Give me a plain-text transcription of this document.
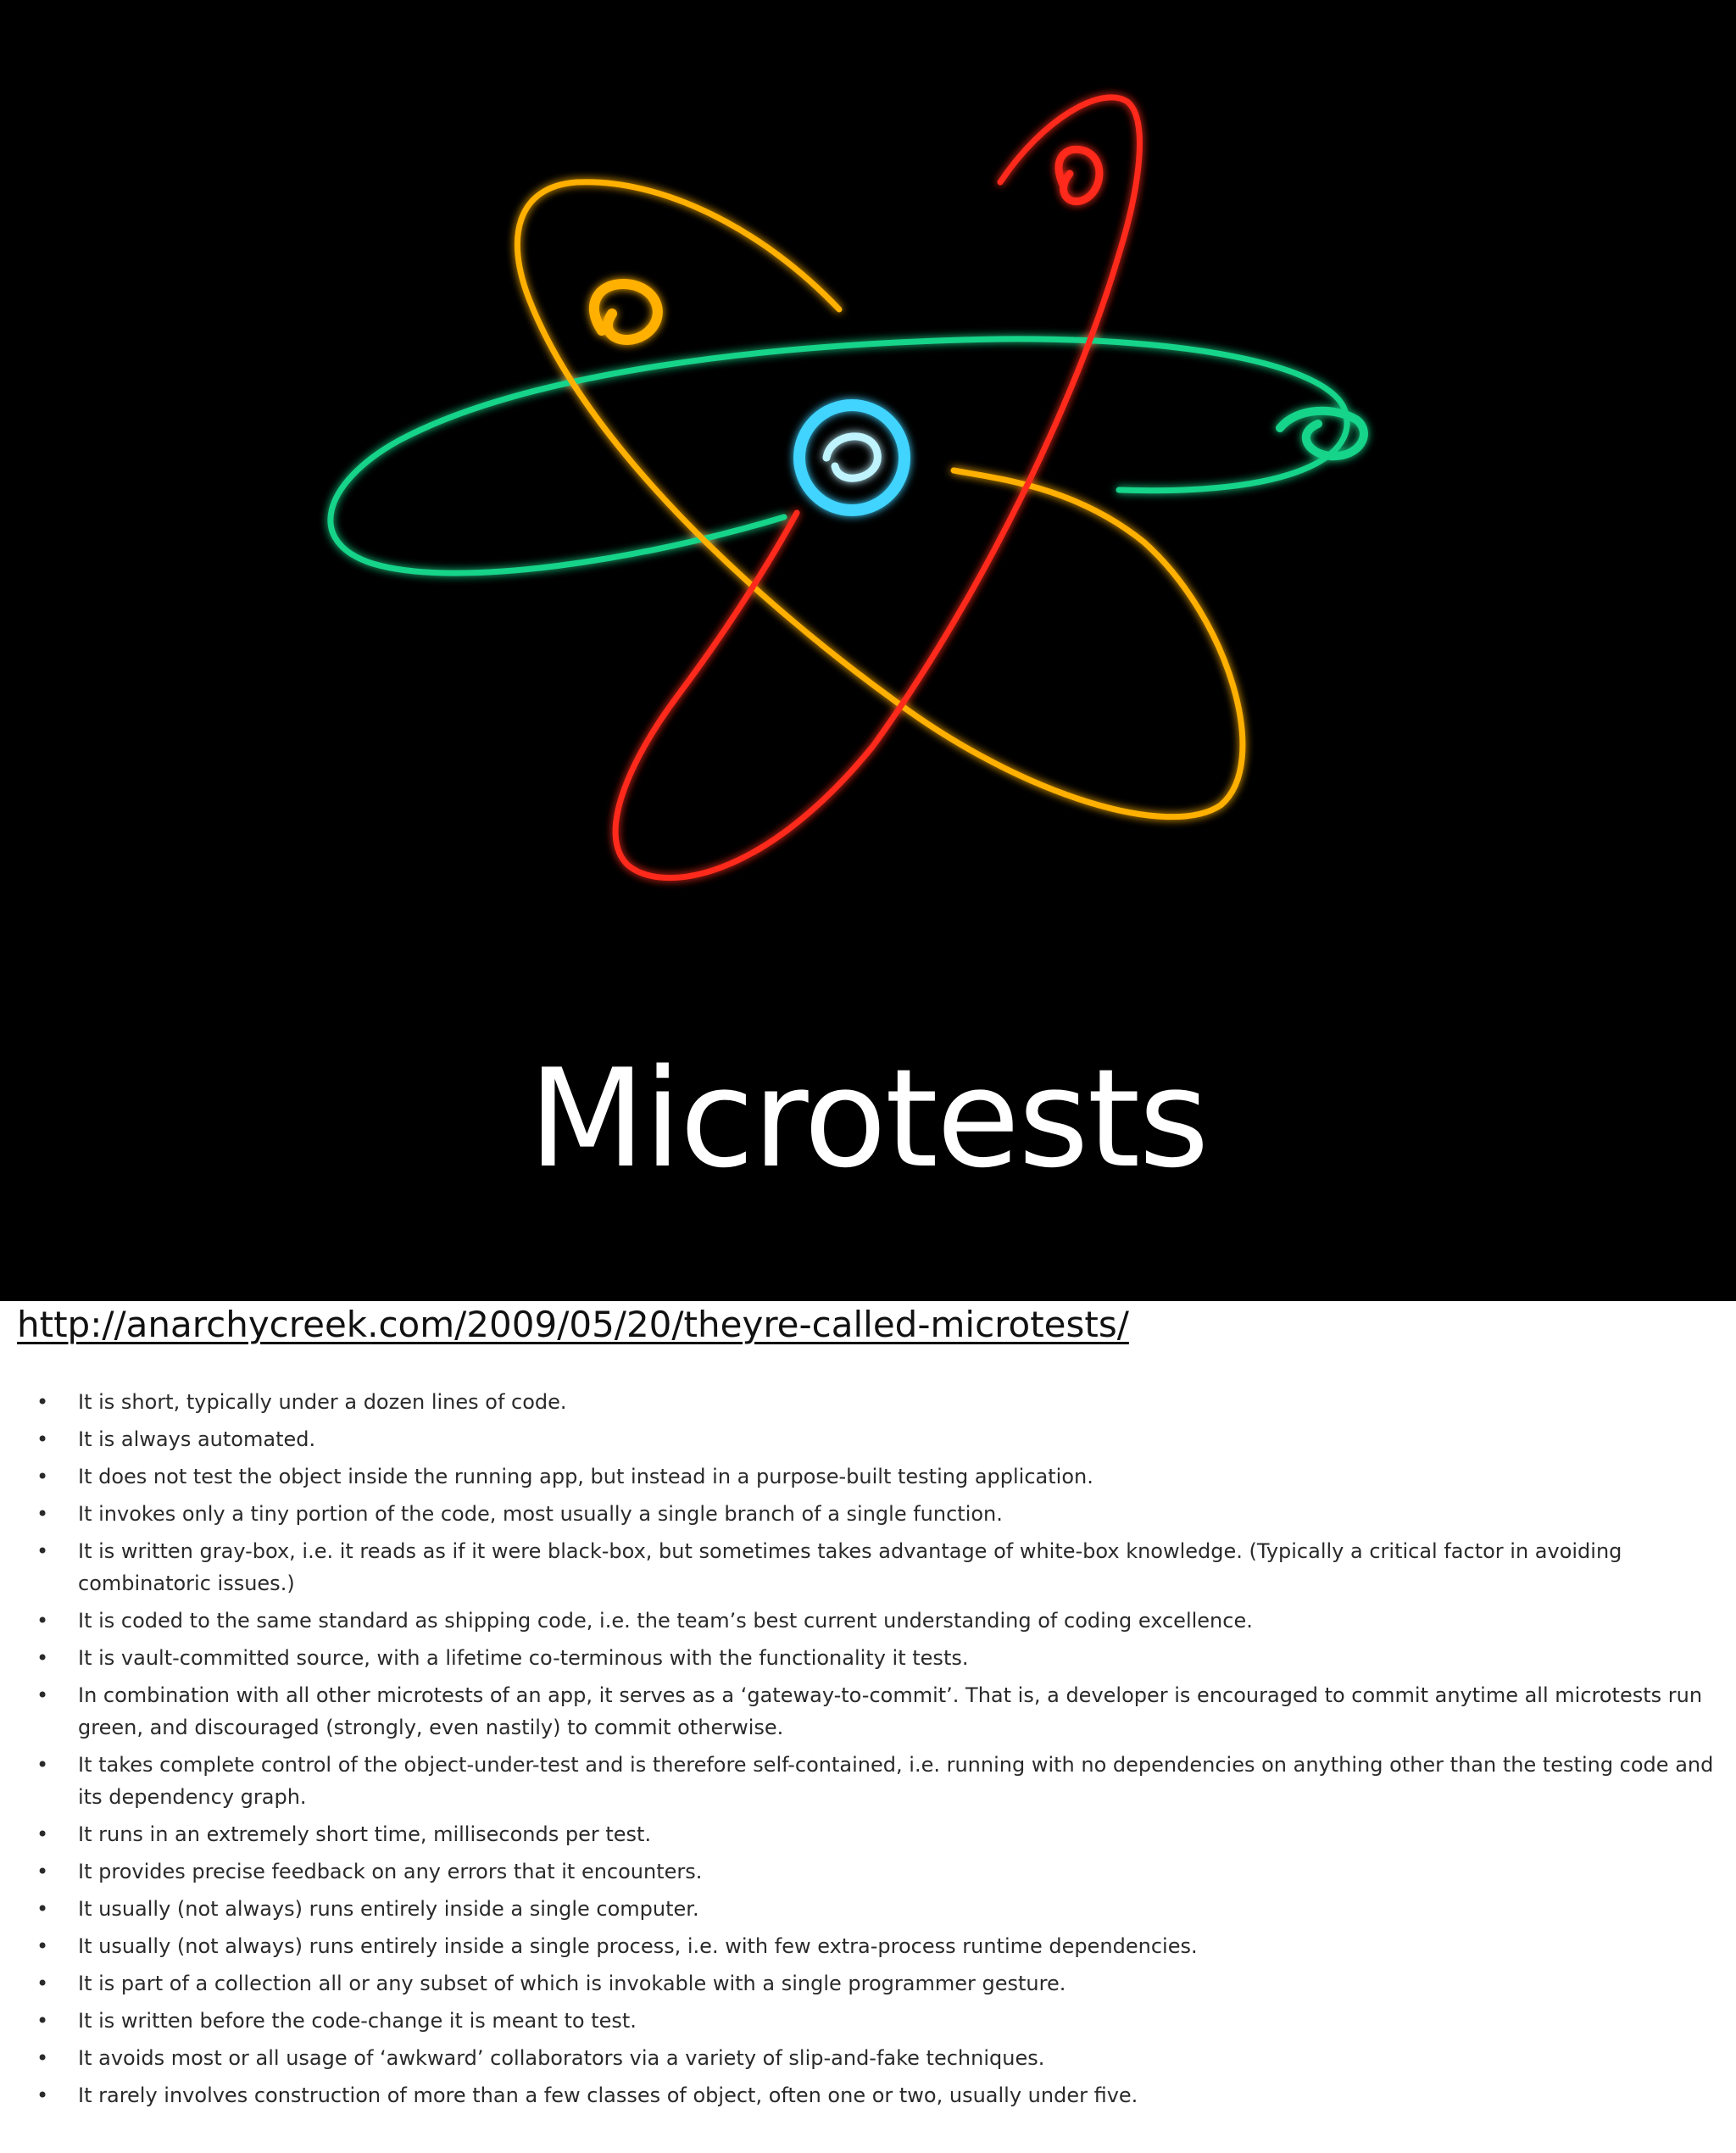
Microtests
http://anarchycreek.com/2009/05/20/theyre-called-microtests/
• It is short, typically under a dozen lines of code.
• It is always automated.
• It does not test the object inside the running app, but instead in a purpose-built testing application.
• It invokes only a tiny portion of the code, most usually a single branch of a single function.
• It is written gray-box, i.e. it reads as if it were black-box, but sometimes takes advantage of white-box knowledge. (Typically a critical factor in avoiding combinatoric issues.)
• It is coded to the same standard as shipping code, i.e. the team’s best current understanding of coding excellence.
• It is vault-committed source, with a lifetime co-terminous with the functionality it tests.
• In combination with all other microtests of an app, it serves as a ‘gateway-to-commit’. That is, a developer is encouraged to commit anytime all microtests run green, and discouraged (strongly, even nastily) to commit otherwise.
• It takes complete control of the object-under-test and is therefore self-contained, i.e. running with no dependencies on anything other than the testing code and its dependency graph.
• It runs in an extremely short time, milliseconds per test.
• It provides precise feedback on any errors that it encounters.
• It usually (not always) runs entirely inside a single computer.
• It usually (not always) runs entirely inside a single process, i.e. with few extra-process runtime dependencies.
• It is part of a collection all or any subset of which is invokable with a single programmer gesture.
• It is written before the code-change it is meant to test.
• It avoids most or all usage of ‘awkward’ collaborators via a variety of slip-and-fake techniques.
• It rarely involves construction of more than a few classes of object, often one or two, usually under five.
